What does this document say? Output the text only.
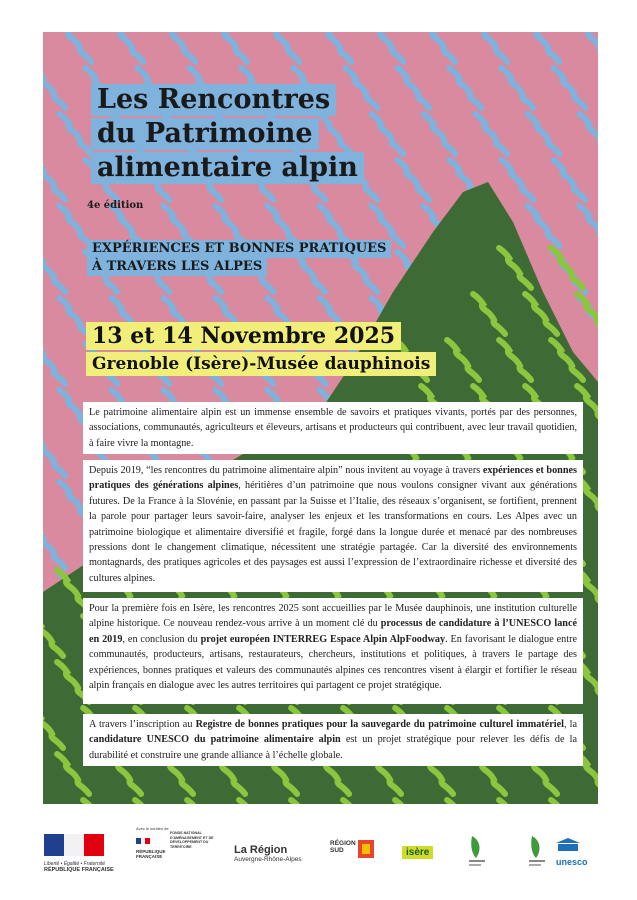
Les Rencontres
du Patrimoine
alimentaire alpin
4e édition
EXPÉRIENCES ET BONNES PRATIQUES
À TRAVERS LES ALPES
13 et 14 Novembre 2025
Grenoble (Isère)-Musée dauphinois
Le patrimoine alimentaire alpin est un immense ensemble de savoirs et pratiques vivants, portés par des personnes, associations, communautés, agriculteurs et éleveurs, artisans et producteurs qui contribuent, avec leur travail quotidien, à faire vivre la montagne.
Depuis 2019, “les rencontres du patrimoine alimentaire alpin” nous invitent au voyage à travers expériences et bonnes pratiques des générations alpines, héritières d’un patrimoine que nous voulons consigner vivant aux générations futures. De la France à la Slovénie, en passant par la Suisse et l’Italie, des réseaux s’organisent, se fortifient, prennent la parole pour partager leurs savoir-faire, analyser les enjeux et les transformations en cours. Les Alpes avec un patrimoine biologique et alimentaire diversifié et fragile, forgé dans la longue durée et menacé par des nombreuses pressions dont le changement climatique, nécessitent une stratégie partagée. Car la diversité des environnements montagnards, des pratiques agricoles et des paysages est aussi l’expression de l’extraordinaire richesse et diversité des cultures alpines.
Pour la première fois en Isère, les rencontres 2025 sont accueillies par le Musée dauphinois, une institution culturelle alpine historique. Ce nouveau rendez-vous arrive à un moment clé du processus de candidature à l’UNESCO lancé en 2019, en conclusion du projet européen INTERREG Espace Alpin AlpFoodway. En favorisant le dialogue entre communautés, producteurs, artisans, restaurateurs, chercheurs, institutions et politiques, à travers le partage des expériences, bonnes pratiques et valeurs des communautés alpines ces rencontres visent à élargir et fortifier le réseau alpin français en dialogue avec les autres territoires qui partagent ce projet stratégique.
A travers l’inscription au Registre de bonnes pratiques pour la sauvegarde du patrimoine culturel immatériel, la candidature UNESCO du patrimoine alimentaire alpin est un projet stratégique pour relever les défis de la durabilité et construire une grande alliance à l’échelle globale.
Liberté • Égalité • Fraternité
RÉPUBLIQUE FRANÇAISE
Avec le soutien de
RÉPUBLIQUE FRANÇAISE
FONDS NATIONAL D'AMÉNAGEMENT ET DE DÉVELOPPEMENT DU TERRITOIRE	La Région
Auvergne-Rhône-Alpes
RÉGION SUD	isère
unesco
